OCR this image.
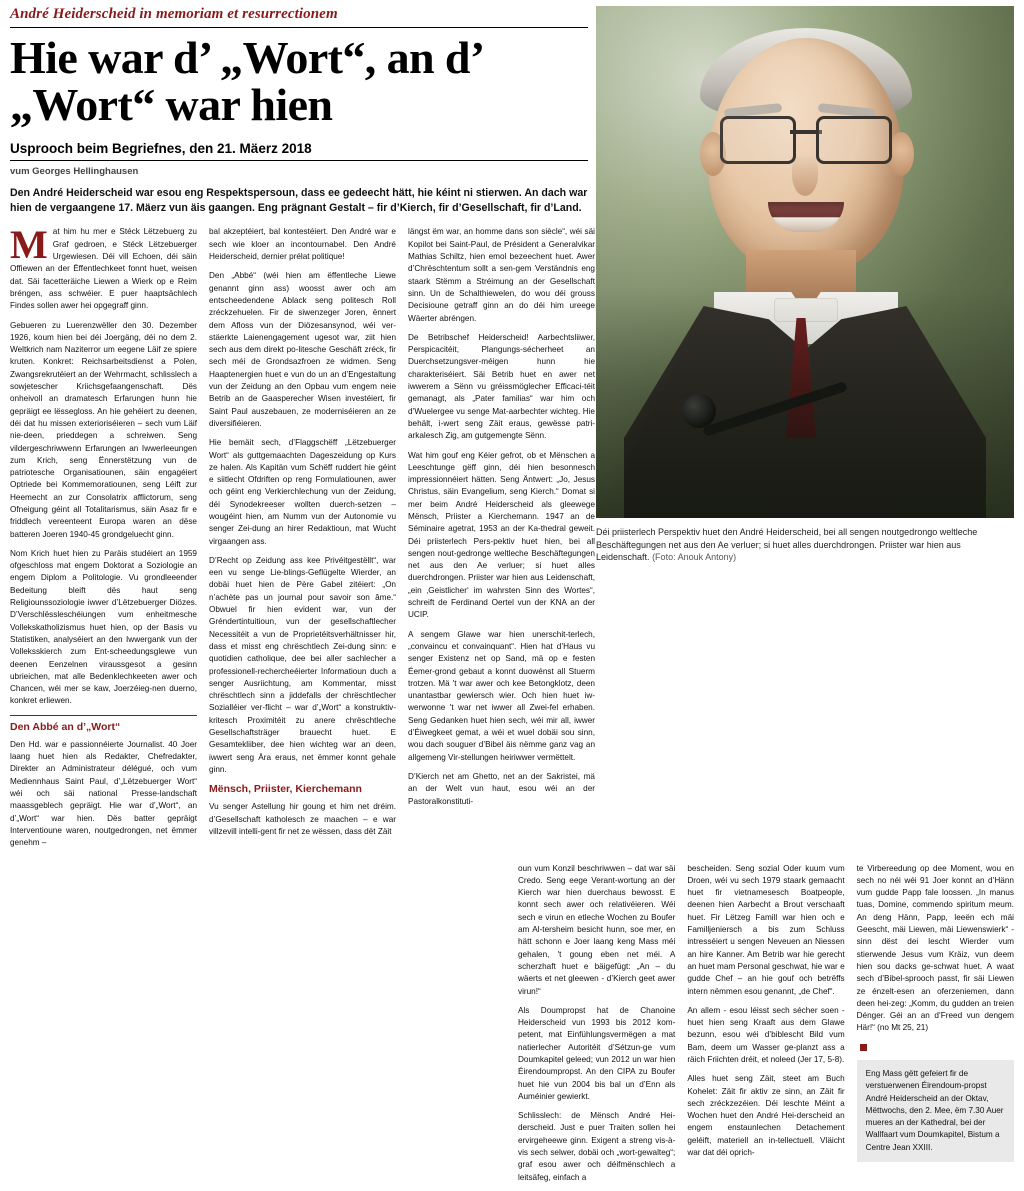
André Heiderscheid in memoriam et resurrectionem
Hie war d’ „Wort“, an d’ „Wort“ war hien
Usprooch beim Begriefnes, den 21. Mäerz 2018
vum Georges Hellinghausen
Den André Heiderscheid war esou eng Respektspersoun, dass ee gedeecht hätt, hie kéint ni stierwen. An dach war hien de vergaangene 17. Mäerz vun äis gaangen. Eng prägnant Gestalt – fir d’Kierch, fir d’Gesellschaft, fir d’Land.

Mat him hu mer e Stéck Lëtzebuerg zu Graf gedroen, e Stéck Lëtzebuerger Urgewiesen. Déi vill Echoen, déi säin Offiewen an der Ëffentlechkeet fonnt huet, weisen dat. Säi facetteräiche Liewen a Wierk op e Reim bréngen, ass schwéier. E puer haaptsächlech Findes sollen awer hei opgegraff ginn.

Gebueren zu Luerenzwëller den 30. Dezember 1926, koum hien bei déi Joergäng, déi no dem 2. Weltkrich nam Naziterror um eegene Läif ze spiere kruten. Konkret: Reichsarbeitsdienst a Polen, Zwangsrekrutéiert an der Wehrmacht, schlisslech a sowjetescher Kriichsgefaangenschaft. Dës onheivoll an dramatesch Erfarungen hunn hie gepräigt ee lëssegloss. An hie gehéiert zu deenen, déi dat hu missen exterioriséieren – sech vum Läif nie-deen, prieddegen a schreiwen. Seng vildergeschriwwenn Erfarungen an Iwwerleeungen zum Krich, seng Ënnerstëtzung vun de patriotesche Organisatiounen, säin engagéiert Optriede bei Kommemoratiounen, seng Léift zur Heemecht an zur Consolatrix afflictorum, seng Ofneigung géint all Totalitarismus, säin Asaz fir e friddlech vereenteent Europa waren an dëse batteren Joeren 1940-45 grondgeluecht ginn.

Nom Krich huet hien zu Paräis studéiert an 1959 ofgeschloss mat engem Doktorat a Soziologie an engem Diplom a Politologie. Vu grondleeender Bedeitung bleift dës haut seng Religiounssoziologie iwwer d’Lëtzebuerger Diözes. D’Verschlëssleschéiungen vum enheitmesche Vollekskatholizismus huet hien, op der Basis vu Statistiken, analyséiert an den Iwwergank vun der Volleksskierch zum Ent-scheedungsglewe vun deenen Eenzelnen viraussgesot a gesinn ubrieichen, mat alle Bedenklechkeeten awer och Chancen, wéi mer se kaw, Joerzéieg-nen duerno, konkret erliewen.

Den Abbé an d’„Wort“

Den Hd. war e passionnéierte Journalist. 40 Joer laang huet hien als Redakter, Chefredakter, Direkter an Administrateur délégué, och vum Mediennhaus Saint Paul, d’„Lëtzebuerger Wort“ wéi och säi national Presse-landschaft maassgeblech gepräigt. Hie war d’„Wort“, an d’„Wort“ war hien. Dës batter gepräigt Interventioune waren, noutgedrongen, net ëmmer genehm –

bal akzeptéiert, bal kontestéiert. Den André war e sech wie kloer an incontournabel. Den André Heiderscheid, dernier prélat politique!

Den „Abbé“ (wéi hien am ëffentleche Liewe genannt ginn ass) woosst awer och am entscheedendene Ablack seng politesch Roll zréckzehuelen. Fir de siwenzeger Joren, ënnert dem Afloss vun der Diözesansynod, wéi ver-stäerkte Laienengagement ugesot war, ziit hien sech aus dem direkt po-litesche Geschäft zréck, fir sech méi de Grondsazfroen ze widmen. Seng Haaptenergien huet e vun do un an d’Engestaltung vun der Zeidung an den Opbau vum engem neie Betrib an de Gaasperecher Wisen investéiert, fir Saint Paul auszebauen, ze moderniséieren an ze diversifiéieren.

Hie bemäit sech, d’Flaggschëff „Lëtzebuerger Wort“ als guttgemaachten Dageszeidung op Kurs ze halen. Als Kapitän vum Schëff ruddert hie géint e siitlecht Ofdriften op reng Formulatiounen, awer och géint eng Verkierchlechung vun der Zeidung, déi Synodekreeser wollten duerch-setzen – wougéint hien, am Numm vun der Autonomie vu senger Zei-dung an hirer Redaktioun, mat Wucht virgaangen ass.

D’Recht op Zeidung ass kee Privéitgestëllt“, war een vu senge Lie-blings-Geflügelte Wierder, an dobäi huet hien de Père Gabel zitéiert: „On n’achète pas un journal pour savoir son âme.“ Obwuel fir hien evident war, vun der Gréndertintuitioun, vun der gesellschaftlecher Necessitéit a vun de Proprietéitsverhältnisser hir, dass et misst eng chrëschtlech Zei-dung sinn: e quotidien catholique, dee bei aller sachlecher a professionell-rechercheéierter Informatioun duch a senger Ausriichtung, am Kommentar, misst chrëschtlech sinn a jiddefalls der chrëschtlecher Sozialléier ver-flicht – war d’„Wort“ a konstruktiv-kritesch Proximitéit zu anere chrëschtleche Gesellschaftsträger brauecht huet. E Gesamtekliiber, dee hien wichteg war an deen, iwwert seng Ära eraus, net ëmmer konnt gehale ginn.

Mënsch, Priister, Kierchemann

Vu senger Astellung hir goung et him net dréim. d’Gesellschaft katholesch ze maachen – e war villzevill intelli-gent fir net ze wëssen, dass dët Zäit

längst ëm war, an homme dans son siècle“, wéi säi Kopilot bei Saint-Paul, de Président a Generalvikar Mathias Schiltz, hien emol bezeechent huet. Awer d’Chrëschtentum sollt a sen-gem Verständnis eng staark Stëmm a Stréimung an der Gesellschaft sinn. Un de Schalthiewelen, do wou déi grouss Decisioune getraff ginn an do déi him ureege Wäerter abréngen.

De Betribschef Heiderscheid! Aarbechtsliiwer, Perspicacitéit, Plangungs-sécherheet an Duerchsetzungsver-méigen hunn hie charakteriséiert. Säi Betrib huet en awer net iwwerem a Sënn vu gréissmöglecher Efficaci-téit gemanagt, als „Pater familias“ war him och d’Wuelergee vu senge Mat-aarbechter wichteg. Hie behält, i-wert seng Zäit eraus, gewësse patri-arkalesch Zig, am gutgemengte Sënn.

Wat him gouf eng Kéier gefrot, ob et Mënschen a Leeschtunge gëff ginn, déi hien besonnesch impressionnéiert hätten. Seng Äntwert: „Jo, Jesus Christus, säin Evangelium, seng Kierch.“ Domat si mer beim André Heiderscheid als gleewege Mënsch, Priister a Kierchemann. 1947 an de Séminaire agetrat, 1953 an der Ka-thedral geweit. Déi priisterlech Pers-pektiv huet hien, bei all sengen nout-gedronge weltleche Beschäftegungen net aus den Ae verluer; si huet alles duerchdrongen. Priister war hien aus Leidenschaft, „ein ‚Geistlicher‘ im wahrsten Sinn des Wortes“, schreift de Ferdinand Oertel vun der KNA an der UCIP.

A sengem Glawe war hien unerschit-terlech, „convaincu et convainquant“. Hien hat d’Haus vu senger Existenz net op Sand, mä op e festen Éemer-grond gebaut a konnt duowénst all Stuerm trotzen. Mä 't war awer och kee Betongklotz, deen unantastbar gewiersch wier. Och hien huet iw-werwonne 't war net iwwer all Zwei-fel erhaben. Seng Gedanken huet hien sech, wéi mir all, iwwer d’Éiwegkeet gemat, a wéi et wuel dobäi sou sinn, wou dach souguer d’Bibel äis nëmme ganz vag an allgemeng Vir-stellungen heiriwwer vermëttelt.

D’Kierch net am Ghetto, net an der Sakristei, mä an der Welt vun haut, esou wéi an der Pastoralkonstituti-

Déi priisterlech Perspektiv huet den André Heiderscheid, bei all sengen noutgedrongo weltleche Beschäftegungen net aus den Ae verluer; si huet alles duerchdrongen. Priister war hien aus Leidenschaft. (Foto: Anouk Antony)

oun vum Konzil beschriwwen – dat war säi Credo. Seng eege Verant-wortung an der Kierch war hien duerchaus bewosst. E konnt sech awer och relativéieren. Wéi sech e virun en etleche Wochen zu Boufer am Al-tersheim besicht hunn, soe mer, en hätt schonn e Joer laang keng Mass méi gehalen, 't goung eben net méi. A scherzhaft huet e bäigefügt: „An – du wäerts et net gleewen - d’Kierch geet awer virun!“

Als Doumpropst hat de Chanoine Heiderscheid vun 1993 bis 2012 kom-petent, mat Einfühlungsvermëgen a mat natierlecher Autoritéit d’Sétzun-ge vum Doumkapitel geleed; vun 2012 un war hien Éirendoumpropst. An den CIPA zu Boufer huet hie vun 2004 bis bal un d’Enn als Auméinier gewierkt.

Schlisslech: de Mënsch André Hei-derscheid. Just e puer Traiten sollen hei ervirgeheewe ginn. Exigent a streng vis-à-vis sech selwer, dobäi och „wort-gewalteg“; graf esou awer och déifmënschlech a leitsäfeg, einfach a

bescheiden. Seng sozial Oder kuum vum Droen, wéi vu sech 1979 staark gemaacht huet fir vietnamesesch Boatpeople, deenen hien Aarbecht a Brout verschaaft huet. Fir Lëtzeg Famill war hien och e Familljeniersch a bis zum Schluss intresséiert u sengen Neveuen an Niessen an hire Kanner. Am Betrib war hie gerecht an huet mam Personal geschwat, hie war e gudde Chef – an hie gouf och betrëffs intern nëmmen esou genannt, „de Chef“.

An allem - esou léisst sech sécher soen - huet hien seng Kraaft aus dem Glawe bezunn, esou wéi d’biblescht Bild vum Bam, deem um Wasser ge-planzt ass a räich Friichten dréit, et noleed (Jer 17, 5-8).

Alles huet seng Zäit, steet am Buch Kohelet: Zäit fir aktiv ze sinn, an Zäit fir sech zréckzezéien. Déi leschte Méint a Wochen huet den André Hei-derscheid an engem enstaunlechen Detachement geléift, materiell an in-tellectuell. Vläicht war dat déi oprich-

te Virbereedung op dee Moment, wou en sech no néi wéi 91 Joer konnt an d’Hänn vum gudde Papp fale loossen. „In manus tuas, Domine, commendo spiritum meum. An deng Hänn, Papp, leeën ech mäi Geescht, mäi Liewen, mäi Liewenswierk“ - sinn dëst dei lescht Wierder vum stierwende Jesus vum Kräiz, vun deem hien sou dacks ge-schwat huet. A waat sech d’Bibel-sprooch passt, fir säi Liewen ze énzelt-esen an oferzeniemen, dann deen hei-zeg: „Komm, du gudden an treien Dénger. Géi an an d’Freed vun dengem Här!“ (no Mt 25, 21)

Eng Mass gëtt gefeiert fir de verstuerwenen Éirendoum-propst André Heiderscheid an der Oktav, Mëttwochs, den 2. Mee, ëm 7.30 Auer mueres an der Kathedral, bei der Wallfaart vum Doumkapitel, Bistum a Centre Jean XXIII.
